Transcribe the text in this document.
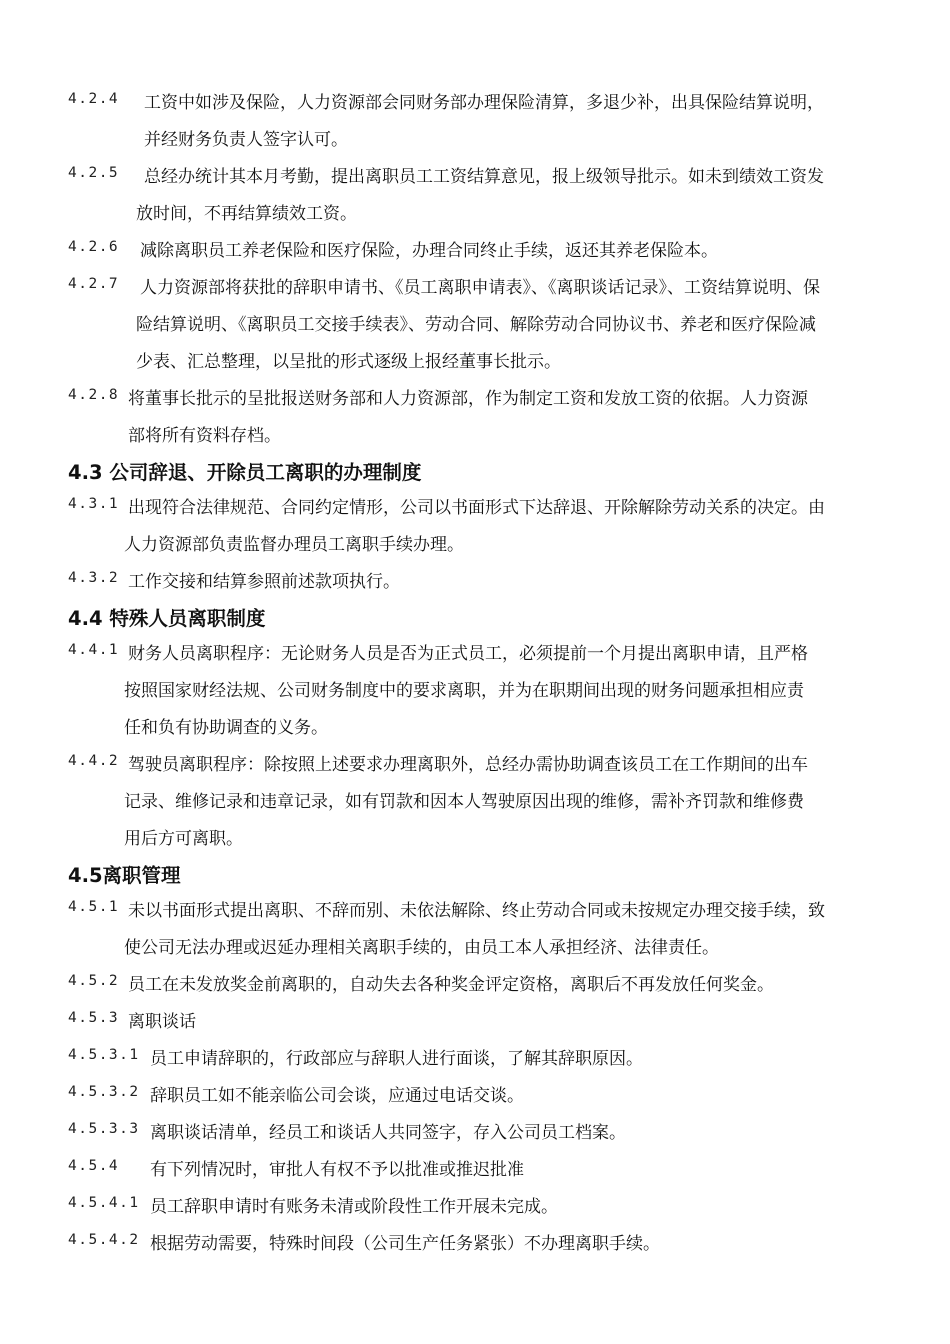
4.2.4 工资中如涉及保险，人力资源部会同财务部办理保险清算，多退少补，出具保险结算说明，
并经财务负责人签字认可。
4.2.5 总经办统计其本月考勤，提出离职员工工资结算意见，报上级领导批示。如未到绩效工资发
放时间，不再结算绩效工资。
4.2.6 减除离职员工养老保险和医疗保险，办理合同终止手续，返还其养老保险本。
4.2.7 人力资源部将获批的辞职申请书、《员工离职申请表》、《离职谈话记录》、工资结算说明、保
险结算说明、《离职员工交接手续表》、劳动合同、解除劳动合同协议书、养老和医疗保险减
少表、汇总整理，以呈批的形式逐级上报经董事长批示。
4.2.8 将董事长批示的呈批报送财务部和人力资源部，作为制定工资和发放工资的依据。人力资源
部将所有资料存档。
4.3 公司辞退、开除员工离职的办理制度
4.3.1 出现符合法律规范、合同约定情形，公司以书面形式下达辞退、开除解除劳动关系的决定。由
人力资源部负责监督办理员工离职手续办理。
4.3.2 工作交接和结算参照前述款项执行。
4.4 特殊人员离职制度
4.4.1 财务人员离职程序：无论财务人员是否为正式员工，必须提前一个月提出离职申请，且严格
按照国家财经法规、公司财务制度中的要求离职，并为在职期间出现的财务问题承担相应责
任和负有协助调查的义务。
4.4.2 驾驶员离职程序：除按照上述要求办理离职外，总经办需协助调查该员工在工作期间的出车
记录、维修记录和违章记录，如有罚款和因本人驾驶原因出现的维修，需补齐罚款和维修费
用后方可离职。
4.5离职管理
4.5.1 未以书面形式提出离职、不辞而别、未依法解除、终止劳动合同或未按规定办理交接手续，致
使公司无法办理或迟延办理相关离职手续的，由员工本人承担经济、法律责任。
4.5.2 员工在未发放奖金前离职的，自动失去各种奖金评定资格，离职后不再发放任何奖金。
4.5.3 离职谈话
4.5.3.1 员工申请辞职的，行政部应与辞职人进行面谈，了解其辞职原因。
4.5.3.2 辞职员工如不能亲临公司会谈，应通过电话交谈。
4.5.3.3 离职谈话清单，经员工和谈话人共同签字，存入公司员工档案。
4.5.4 有下列情况时，审批人有权不予以批准或推迟批准
4.5.4.1 员工辞职申请时有账务未清或阶段性工作开展未完成。
4.5.4.2 根据劳动需要，特殊时间段（公司生产任务紧张）不办理离职手续。
